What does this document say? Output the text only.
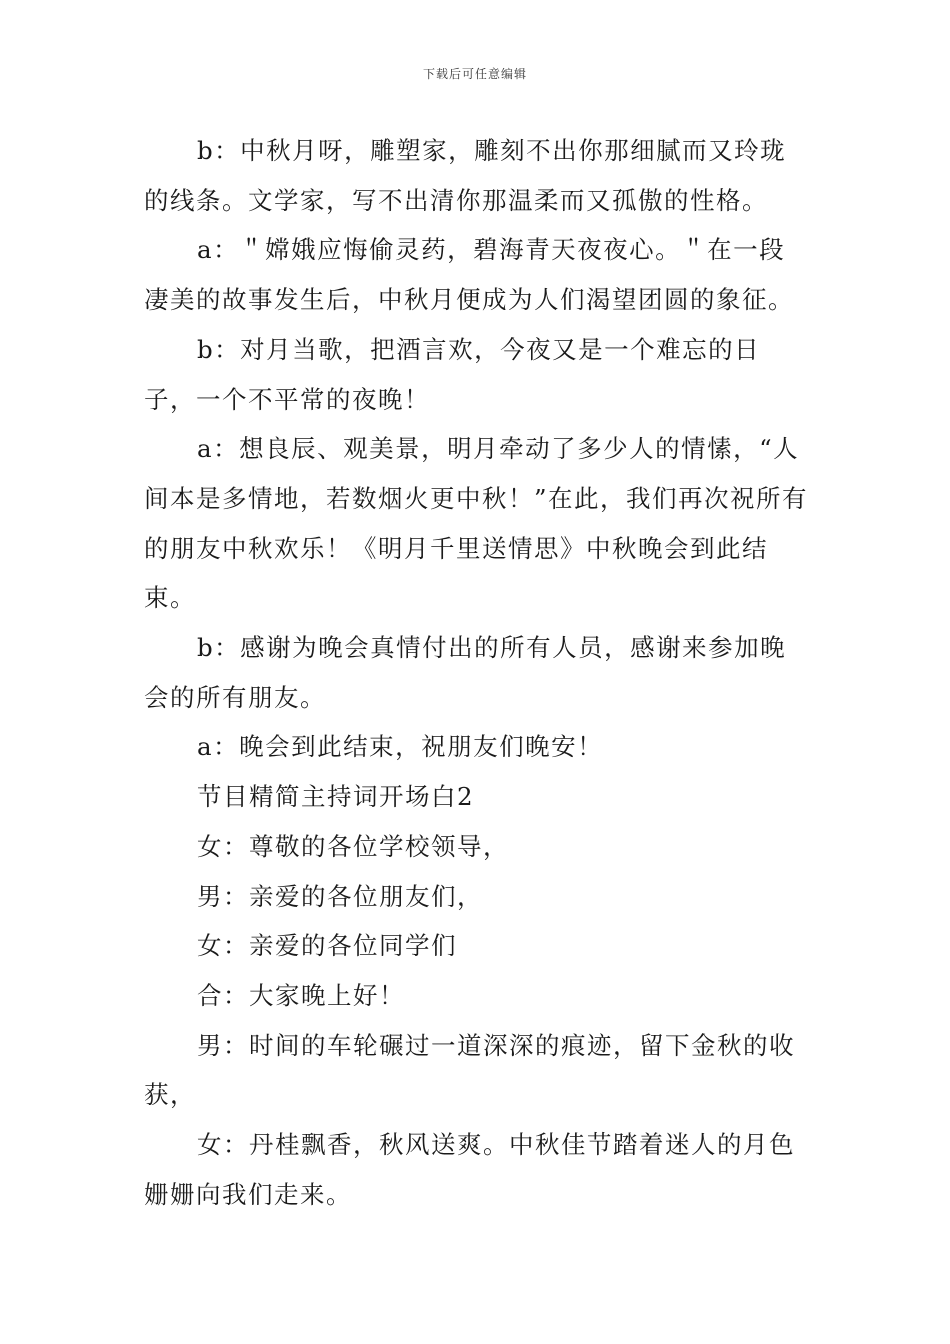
下载后可任意编辑

b：中秋月呀，雕塑家，雕刻不出你那细腻而又玲珑的线条。文学家，写不出清你那温柔而又孤傲的性格。

a：＂嫦娥应悔偷灵药，碧海青天夜夜心。＂在一段凄美的故事发生后，中秋月便成为人们渴望团圆的象征。

b：对月当歌，把酒言欢，今夜又是一个难忘的日子，一个不平常的夜晚！

a：想良辰、观美景，明月牵动了多少人的情愫，“人间本是多情地，若数烟火更中秋！”在此，我们再次祝所有的朋友中秋欢乐！《明月千里送情思》中秋晚会到此结束。

b：感谢为晚会真情付出的所有人员，感谢来参加晚会的所有朋友。

a：晚会到此结束，祝朋友们晚安！

节目精简主持词开场白2

女：尊敬的各位学校领导，

男：亲爱的各位朋友们，

女：亲爱的各位同学们

合：大家晚上好！

男：时间的车轮碾过一道深深的痕迹，留下金秋的收获，

女：丹桂飘香，秋风送爽。中秋佳节踏着迷人的月色姗姗向我们走来。
